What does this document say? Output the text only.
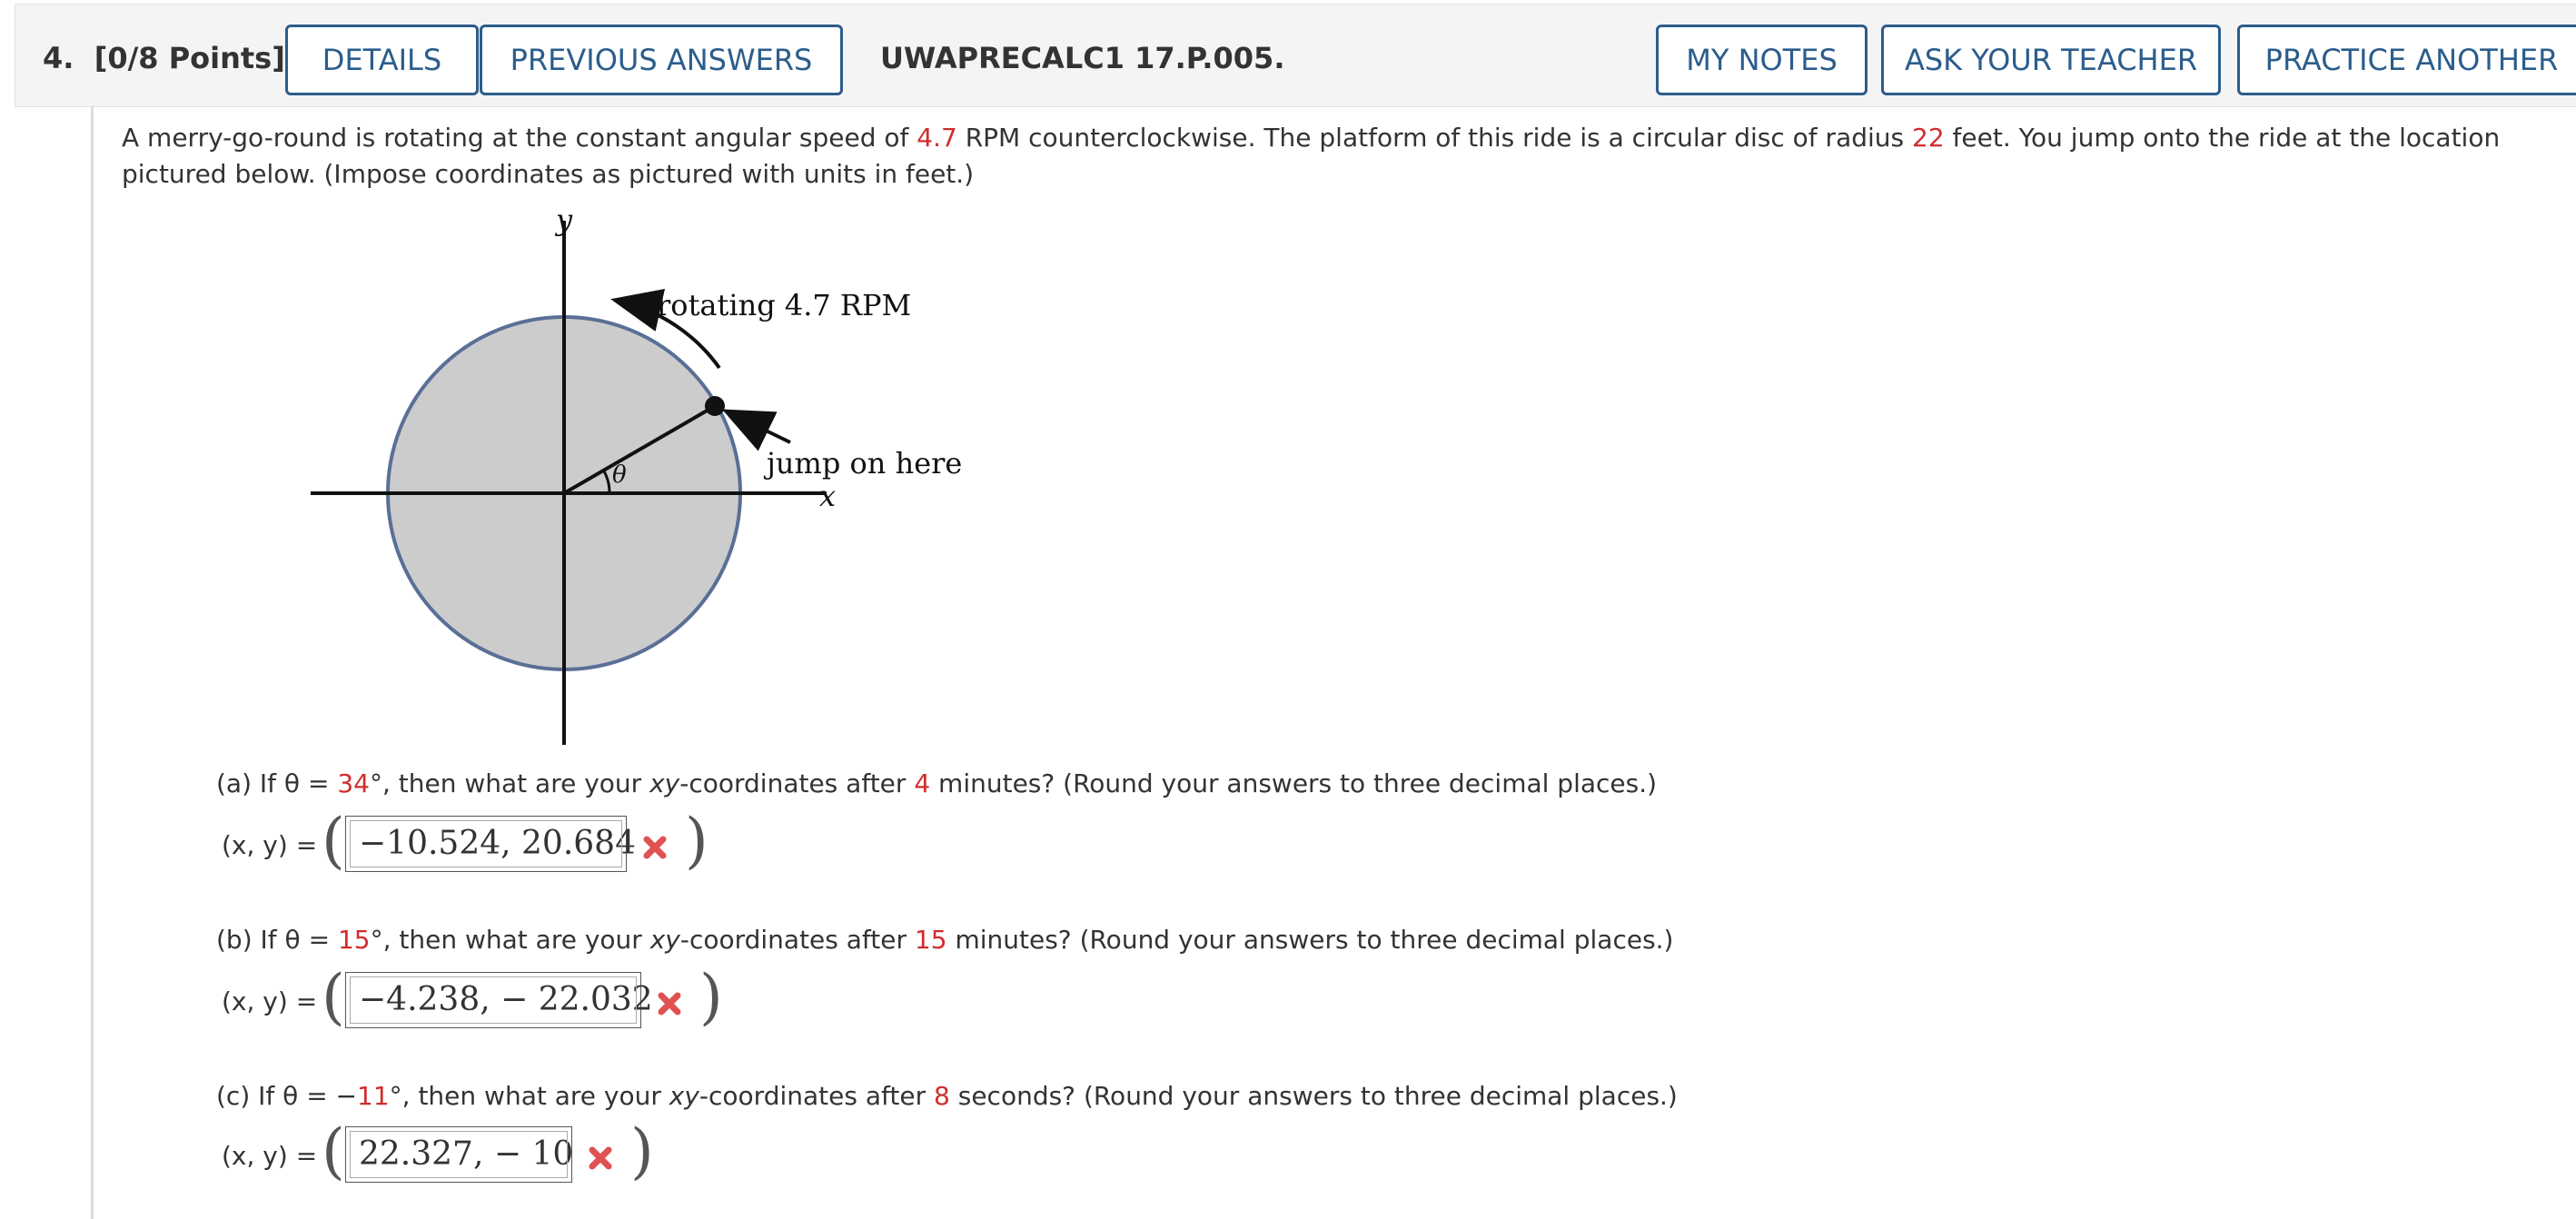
4. [0/8 Points]	DETAILS	PREVIOUS ANSWERS	UWAPRECALC1 17.P.005.	MY NOTES	ASK YOUR TEACHER	PRACTICE ANOTHER
A merry-go-round is rotating at the constant angular speed of 4.7 RPM counterclockwise. The platform of this ride is a circular disc of radius 22 feet. You jump onto the ride at the location pictured below. (Impose coordinates as pictured with units in feet.)
θ
rotating 4.7 RPM
jump on here
y
x
(a) If θ = 34°, then what are your xy-coordinates after 4 minutes? (Round your answers to three decimal places.)
(x, y) = ( −10.524, 20.684 )
(b) If θ = 15°, then what are your xy-coordinates after 15 minutes? (Round your answers to three decimal places.)
(x, y) = ( −4.238, − 22.032 )
(c) If θ = −11°, then what are your xy-coordinates after 8 seconds? (Round your answers to three decimal places.)
(x, y) = ( 22.327, − 10 )
